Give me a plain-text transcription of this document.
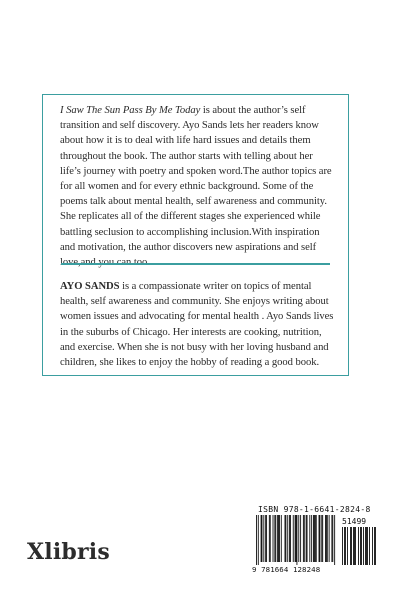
I Saw The Sun Pass By Me Today is about the author’s self transition and self discovery. Ayo Sands lets her readers know about how it is to deal with life hard issues and details them throughout the book. The author starts with telling about her life’s journey with poetry and spoken word.The author topics are for all women and for every ethnic background. Some of the poems talk about mental health, self awareness and community. She replicates all of the different stages she experienced while battling seclusion to accomplishing inclusion.With inspiration and motivation, the author discovers new aspirations and self

AYO SANDS is a compassionate writer on topics of mental health, self awareness and community. She enjoys writing about women issues and advocating for mental health . Ayo Sands lives in the suburbs of Chicago. Her interests are cooking, nutrition, and exercise. When she is not busy with her loving husband and children, she likes to enjoy the hobby of reading a good book.

Xlibris
ISBN 978-1-6641-2824-8
51499
9 781664 128248
